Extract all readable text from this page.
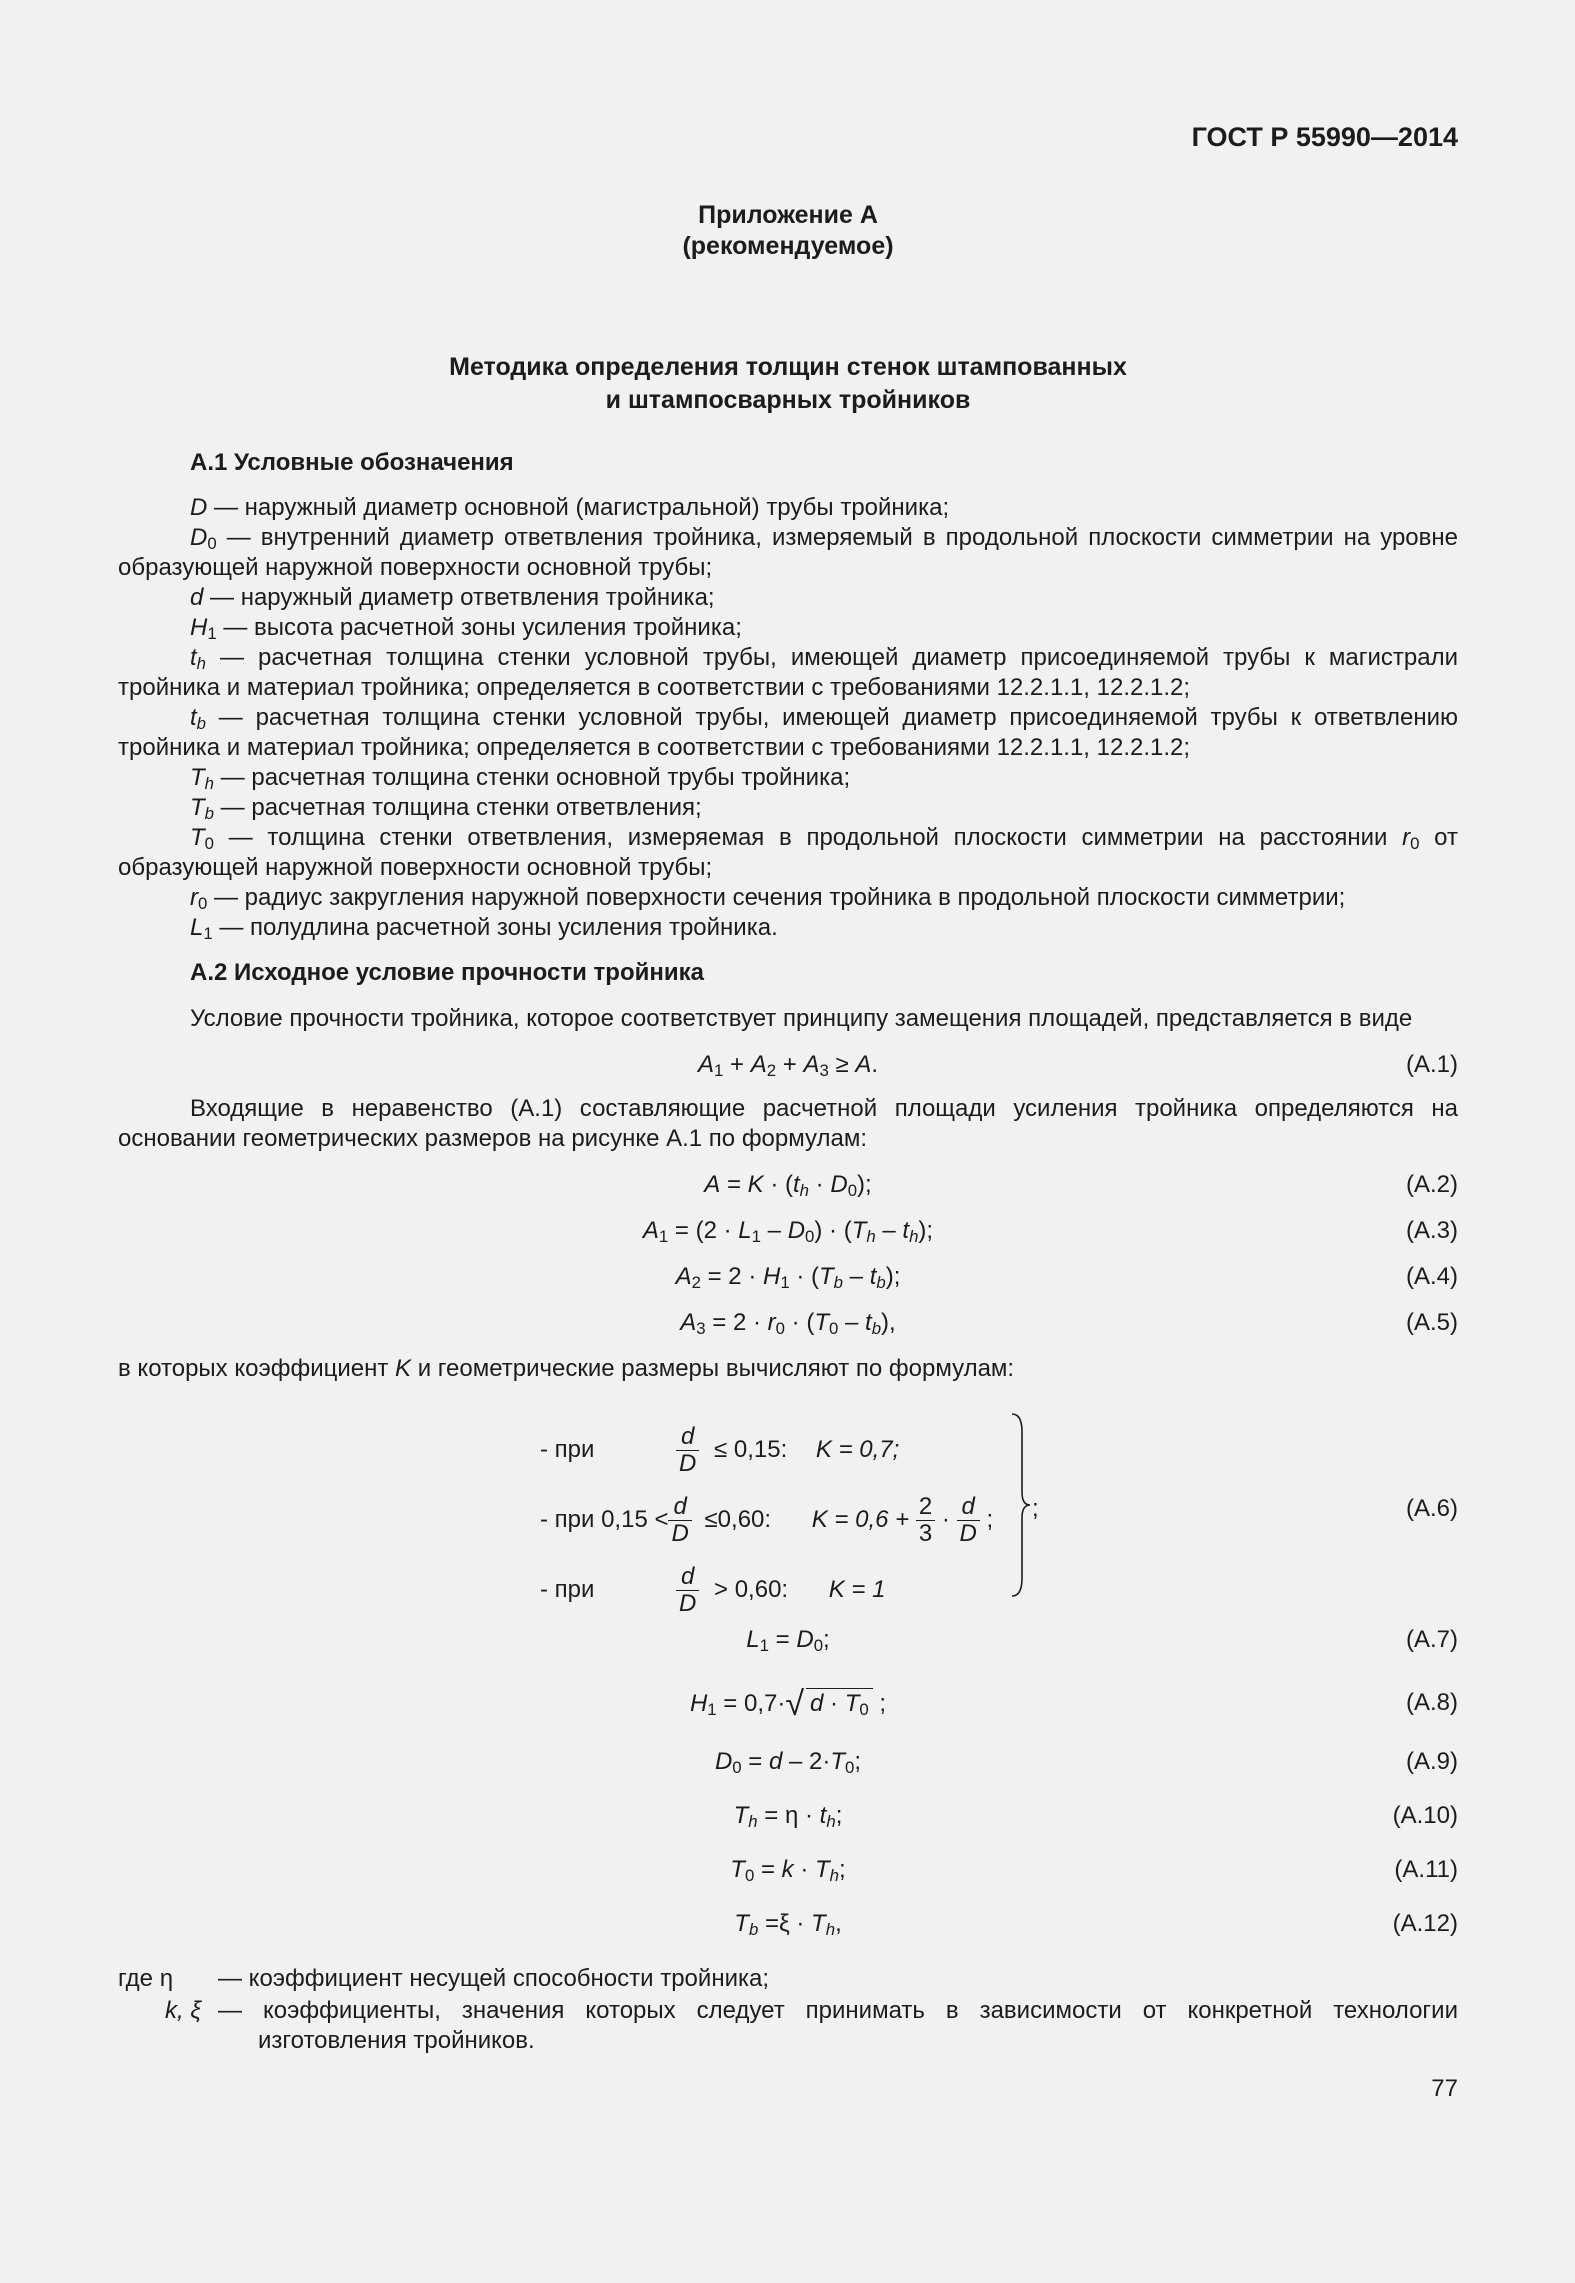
ГОСТ Р 55990—2014
Приложение А
(рекомендуемое)
Методика определения толщин стенок штампованных
и штампосварных тройников
А.1 Условные обозначения
D — наружный диаметр основной (магистральной) трубы тройника;
$D_0$ — внутренний диаметр ответвления тройника, измеряемый в продольной плоскости симметрии на уровне образующей наружной поверхности основной трубы;
d — наружный диаметр ответвления тройника;
$H_1$ — высота расчетной зоны усиления тройника;
$t_h$ — расчетная толщина стенки условной трубы, имеющей диаметр присоединяемой трубы к магистрали тройника и материал тройника; определяется в соответствии с требованиями 12.2.1.1, 12.2.1.2;
$t_b$ — расчетная толщина стенки условной трубы, имеющей диаметр присоединяемой трубы к ответвлению тройника и материал тройника; определяется в соответствии с требованиями 12.2.1.1, 12.2.1.2;
$T_h$ — расчетная толщина стенки основной трубы тройника;
$T_b$ — расчетная толщина стенки ответвления;
$T_0$ — толщина стенки ответвления, измеряемая в продольной плоскости симметрии на расстоянии $r_0$ от образующей наружной поверхности основной трубы;
$r_0$ — радиус закругления наружной поверхности сечения тройника в продольной плоскости симметрии;
$L_1$ — полудлина расчетной зоны усиления тройника.
А.2 Исходное условие прочности тройника
Условие прочности тройника, которое соответствует принципу замещения площадей, представляется в виде
$A_1 + A_2 + A_3 \ge A$.	(А.1)
Входящие в неравенство (А.1) составляющие расчетной площади усиления тройника определяются на основании геометрических размеров на рисунке А.1 по формулам:
$A = K \cdot (t_h \cdot D_0)$;	(А.2)
$A_1 = (2 \cdot L_1 - D_0) \cdot (T_h - t_h)$;	(А.3)
$A_2 = 2 \cdot H_1 \cdot (T_b - t_b)$;	(А.4)
$A_3 = 2 \cdot r_0 \cdot (T_0 - t_b)$,	(А.5)
в которых коэффициент K и геометрические размеры вычисляют по формулам:
- при	$\frac{d}{D} \le 0,15$: K = 0,7;
- при $0,15 < \frac{d}{D} \le 0,60$: $K = 0,6 + \frac{2}{3} \cdot \frac{d}{D}$ ;
- при	$\frac{d}{D} > 0,60$: K = 1
;	(А.6)
$L_1 = D_0$;	(А.7)
$H_1 = 0,7\cdot√$ $d \cdot T_0$ ;	(А.8)
$D_0 = d - 2\cdot T_0$;	(А.9)
$T_h = \eta \cdot t_h$;	(А.10)
$T_0 = k \cdot T_h$;	(А.11)
$T_b =\xi \cdot T_h$,	(А.12)
где η — коэффициент несущей способности тройника;
k, ξ — коэффициенты, значения которых следует принимать в зависимости от конкретной технологии изготовления тройников.
77
